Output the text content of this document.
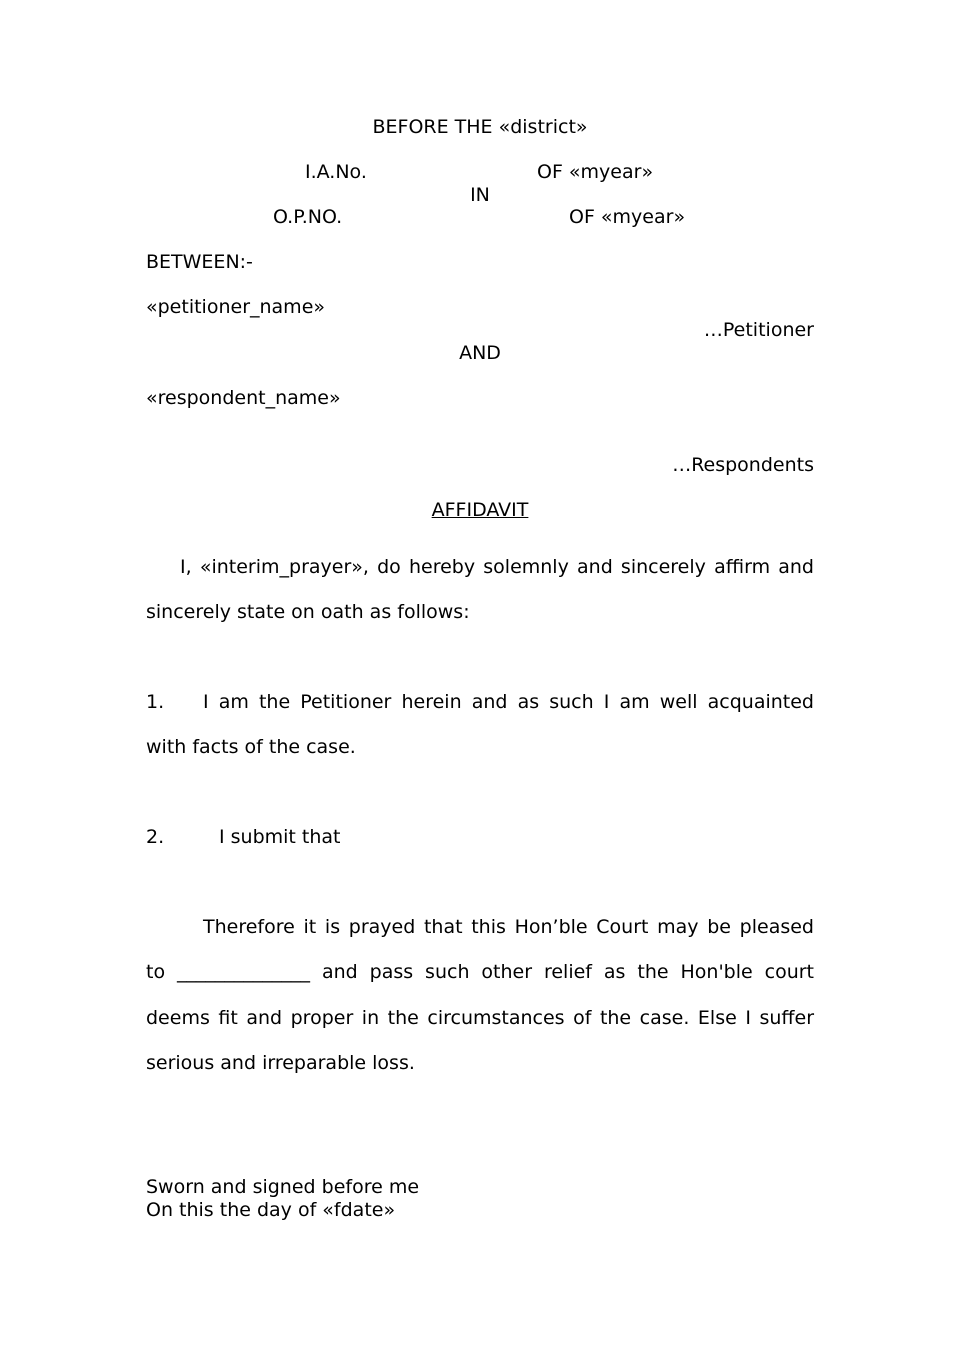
BEFORE THE «district»
I.A.No.	OF «myear»
IN
O.P.NO.	OF «myear»
BETWEEN:-
«petitioner_name»
…Petitioner
AND
«respondent_name»
…Respondents
AFFIDAVIT
I, «interim_prayer», do hereby solemnly and sincerely affirm and
sincerely state on oath as follows:
1. I am the Petitioner herein and as such I am well acquainted
with facts of the case.
2.	I submit that
Therefore it is prayed that this Hon’ble Court may be pleased
to ______________ and pass such other relief as the Hon'ble court
deems fit and proper in the circumstances of the case. Else I suffer
serious and irreparable loss.
Sworn and signed before me
On this the day of «fdate»
